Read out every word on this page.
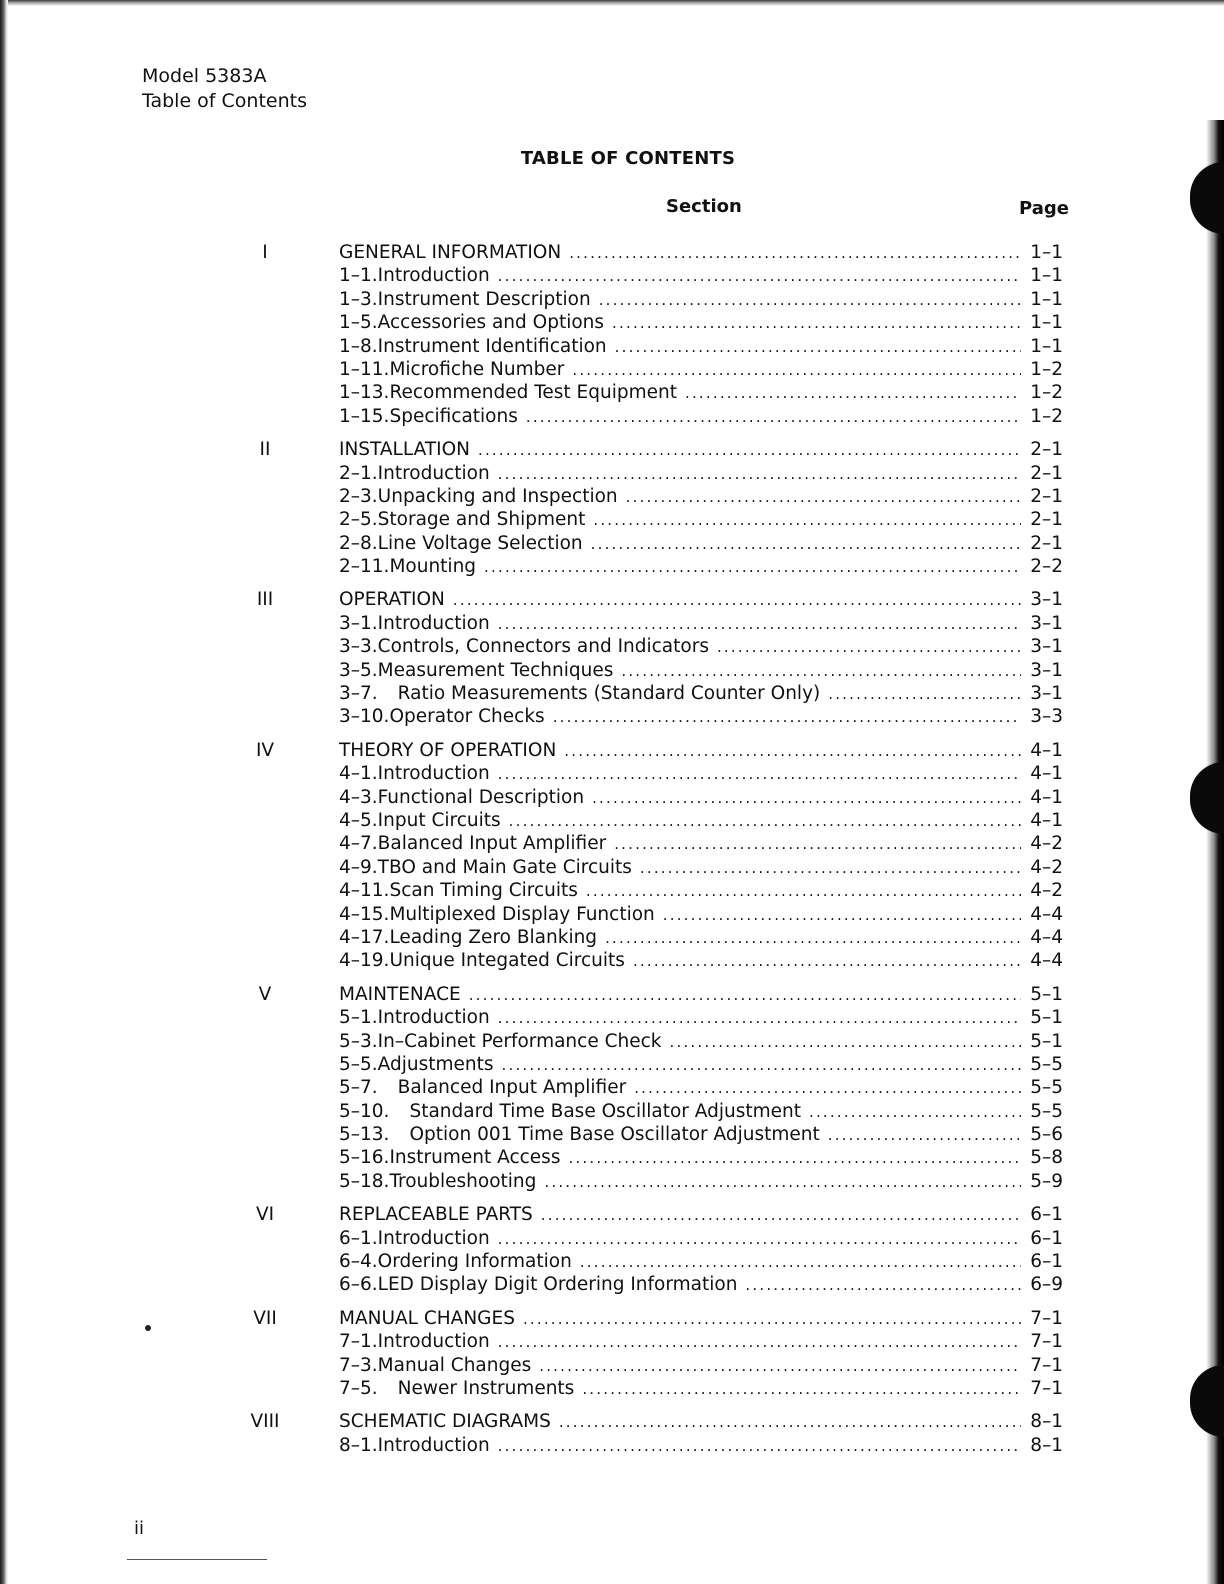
Model 5383A
Table of Contents
TABLE OF CONTENTS
Section	Page
I	GENERAL INFORMATION .....	1–1
1–1. Introduction .....	1–1
1–3. Instrument Description .....	1–1
1–5. Accessories and Options .....	1–1
1–8. Instrument Identification .....	1–1
1–11. Microfiche Number .....	1–2
1–13. Recommended Test Equipment .....	1–2
1–15. Specifications .....	1–2
II	INSTALLATION .....	2–1
2–1. Introduction .....	2–1
2–3. Unpacking and Inspection .....	2–1
2–5. Storage and Shipment .....	2–1
2–8. Line Voltage Selection .....	2–1
2–11. Mounting .....	2–2
III	OPERATION .....	3–1
3–1. Introduction .....	3–1
3–3. Controls, Connectors and Indicators .....	3–1
3–5. Measurement Techniques .....	3–1
3–7.	Ratio Measurements (Standard Counter Only) .....	3–1
3–10. Operator Checks .....	3–3
IV	THEORY OF OPERATION .....	4–1
4–1. Introduction .....	4–1
4–3. Functional Description .....	4–1
4–5. Input Circuits .....	4–1
4–7. Balanced Input Amplifier .....	4–2
4–9. TBO and Main Gate Circuits .....	4–2
4–11. Scan Timing Circuits .....	4–2
4–15. Multiplexed Display Function .....	4–4
4–17. Leading Zero Blanking .....	4–4
4–19. Unique Integated Circuits .....	4–4
V	MAINTENACE .....	5–1
5–1. Introduction .....	5–1
5–3. In–Cabinet Performance Check .....	5–1
5–5. Adjustments .....	5–5
5–7.	Balanced Input Amplifier .....	5–5
5–10.	Standard Time Base Oscillator Adjustment .....	5–5
5–13.	Option 001 Time Base Oscillator Adjustment .....	5–6
5–16. Instrument Access .....	5–8
5–18. Troubleshooting .....	5–9
VI	REPLACEABLE PARTS .....	6–1
6–1. Introduction .....	6–1
6–4. Ordering Information .....	6–1
6–6. LED Display Digit Ordering Information .....	6–9
VII	MANUAL CHANGES .....	7–1
7–1. Introduction .....	7–1
7–3. Manual Changes .....	7–1
7–5.	Newer Instruments .....	7–1
VIII	SCHEMATIC DIAGRAMS .....	8–1
8–1. Introduction .....	8–1
ii
